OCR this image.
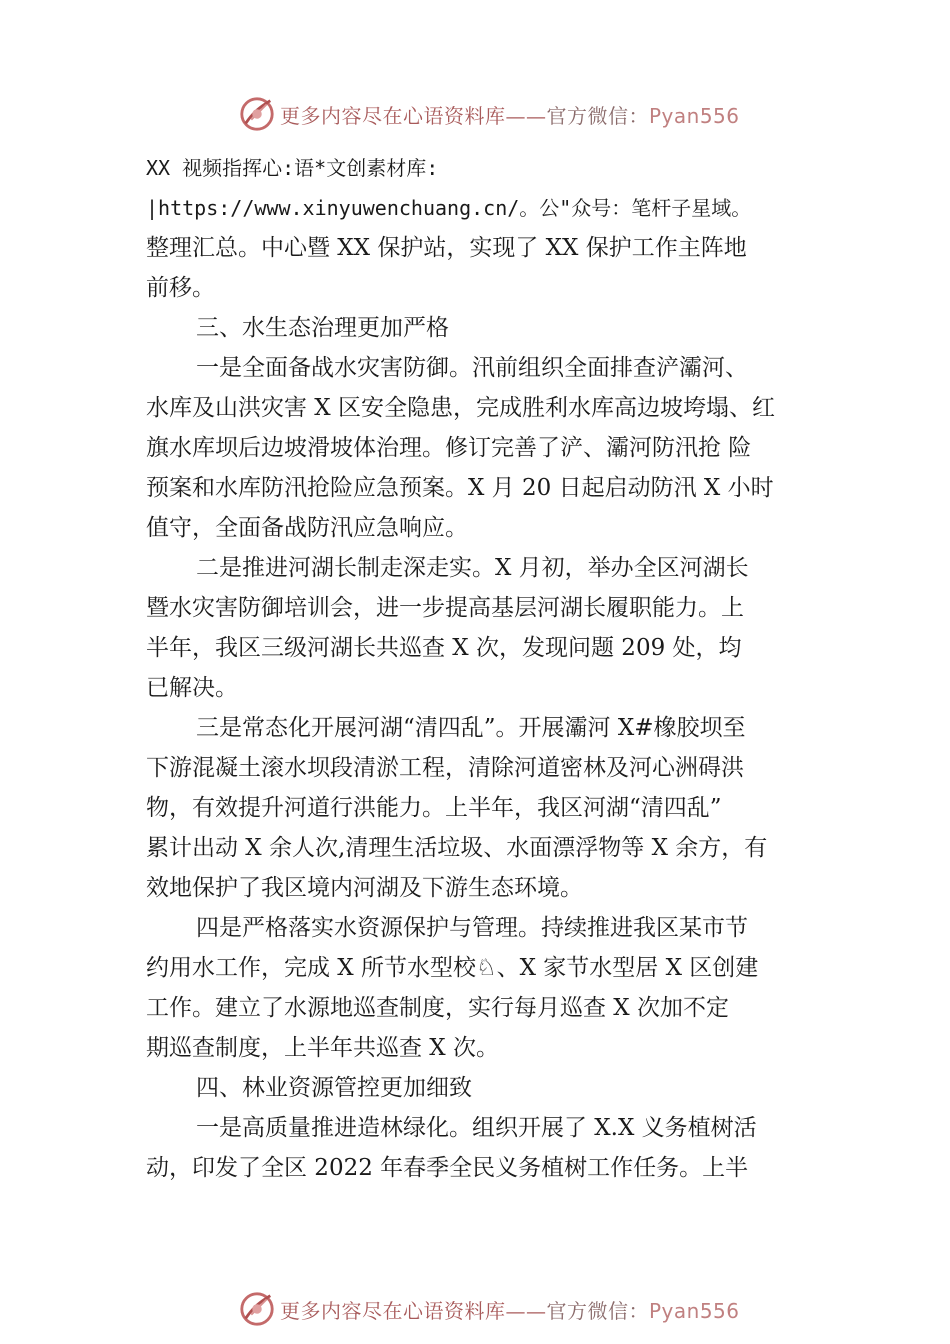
更多内容尽在心语资料库——官方微信：Pyan556
XX 视频指挥心:语*文创素材库:
|https://www.xinyuwenchuang.cn/。公"众号：笔杆子星域。
整理汇总。中心暨 XX 保护站，实现了 XX 保护工作主阵地
前移。
三、水生态治理更加严格
一是全面备战水灾害防御。汛前组织全面排查浐灞河、
水库及山洪灾害 X 区安全隐患，完成胜利水库高边坡垮塌、红
旗水库坝后边坡滑坡体治理。修订完善了浐、灞河防汛抢 险
预案和水库防汛抢险应急预案。X 月 20 日起启动防汛 X 小时
值守，全面备战防汛应急响应。
二是推进河湖长制走深走实。X 月初，举办全区河湖长
暨水灾害防御培训会，进一步提高基层河湖长履职能力。上
半年，我区三级河湖长共巡查 X 次，发现问题 209 处，均
已解决。
三是常态化开展河湖“清四乱”。开展灞河 X#橡胶坝至
下游混凝土滚水坝段清淤工程，清除河道密林及河心洲碍洪
物，有效提升河道行洪能力。上半年，我区河湖“清四乱”
累计出动 X 余人次,清理生活垃圾、水面漂浮物等 X 余方，有
效地保护了我区境内河湖及下游生态环境。
四是严格落实水资源保护与管理。持续推进我区某市节
约用水工作，完成 X 所节水型校♘、X 家节水型居 X 区创建
工作。建立了水源地巡查制度，实行每月巡查 X 次加不定
期巡查制度，上半年共巡查 X 次。
四、林业资源管控更加细致
一是高质量推进造林绿化。组织开展了 X.X 义务植树活
动，印发了全区 2022 年春季全民义务植树工作任务。上半
更多内容尽在心语资料库——官方微信：Pyan556
